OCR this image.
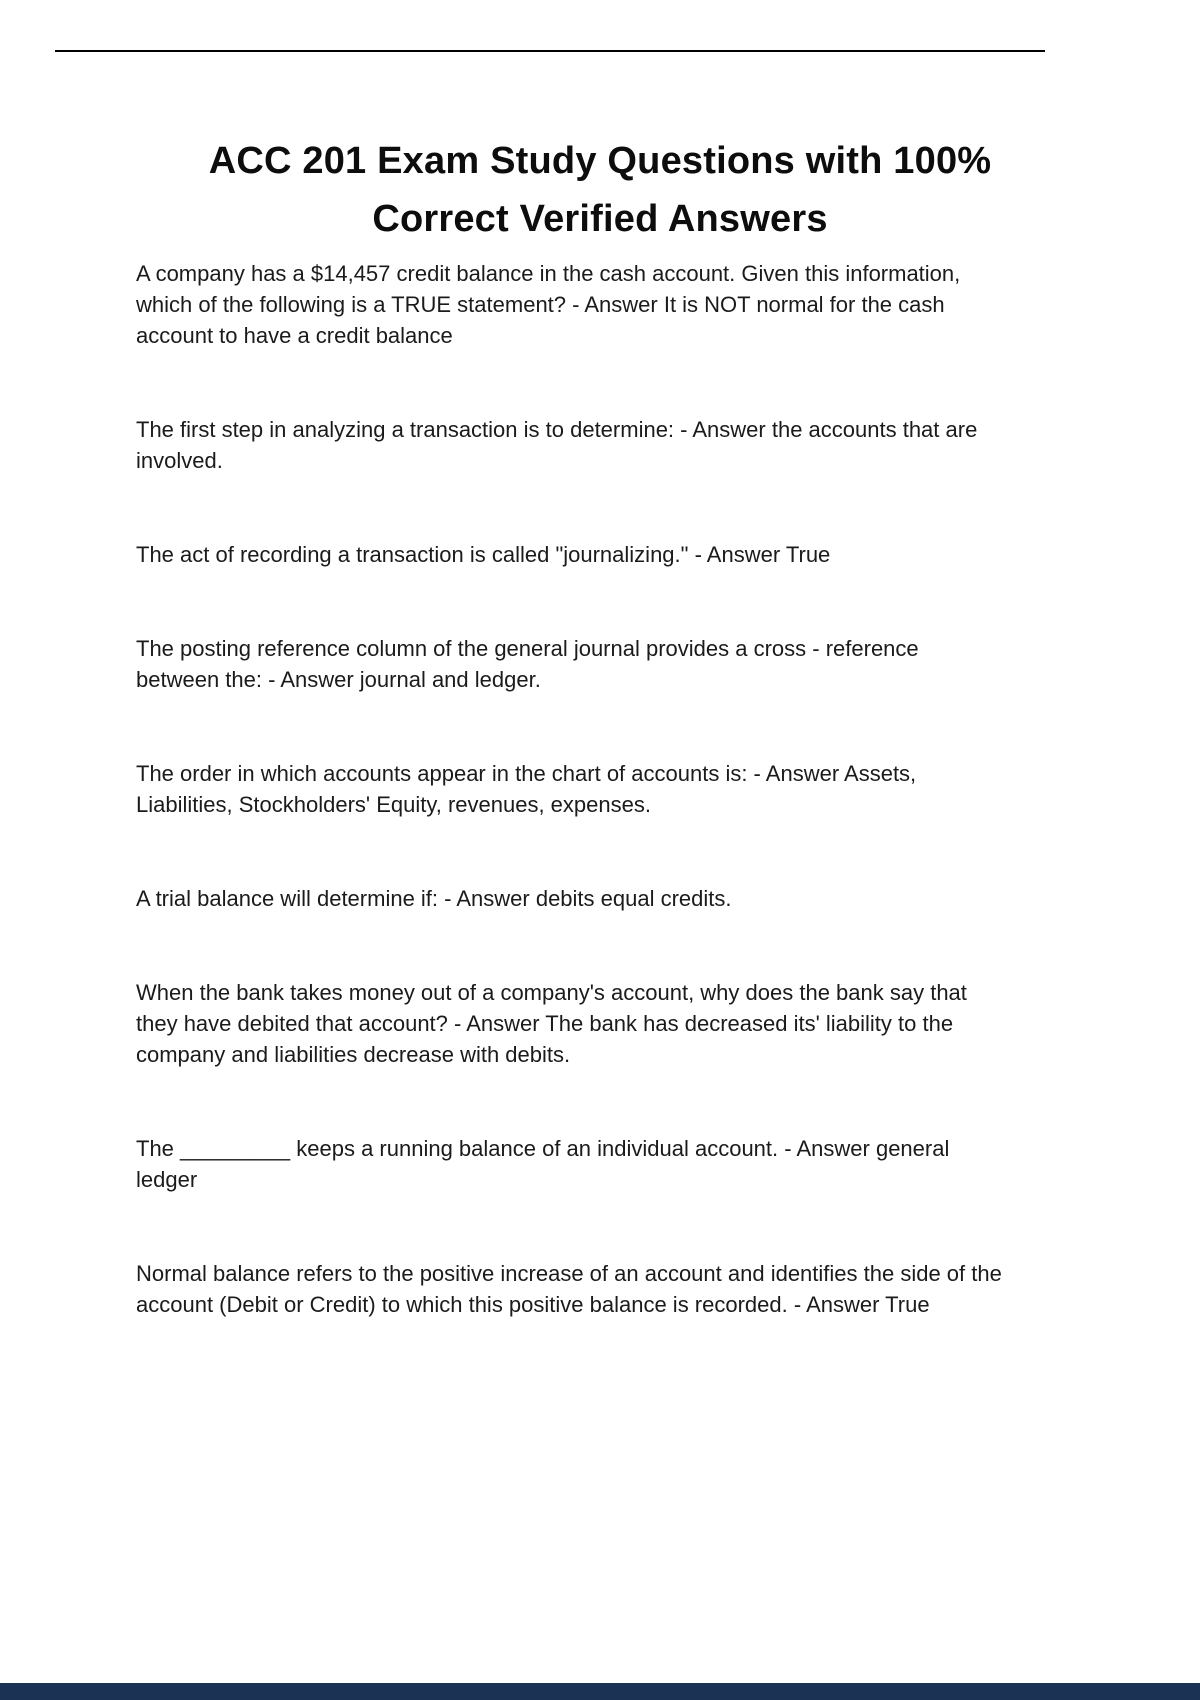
ACC 201 Exam Study Questions with 100% Correct Verified Answers

A company has a $14,457 credit balance in the cash account. Given this information, which of the following is a TRUE statement? - Answer It is NOT normal for the cash account to have a credit balance

The first step in analyzing a transaction is to determine: - Answer the accounts that are involved.

The act of recording a transaction is called "journalizing." - Answer True

The posting reference column of the general journal provides a cross - reference between the: - Answer journal and ledger.

The order in which accounts appear in the chart of accounts is: - Answer Assets, Liabilities, Stockholders' Equity, revenues, expenses.

A trial balance will determine if: - Answer debits equal credits.

When the bank takes money out of a company's account, why does the bank say that they have debited that account? - Answer The bank has decreased its' liability to the company and liabilities decrease with debits.

The _________ keeps a running balance of an individual account. - Answer general ledger

Normal balance refers to the positive increase of an account and identifies the side of the account (Debit or Credit) to which this positive balance is recorded. - Answer True
